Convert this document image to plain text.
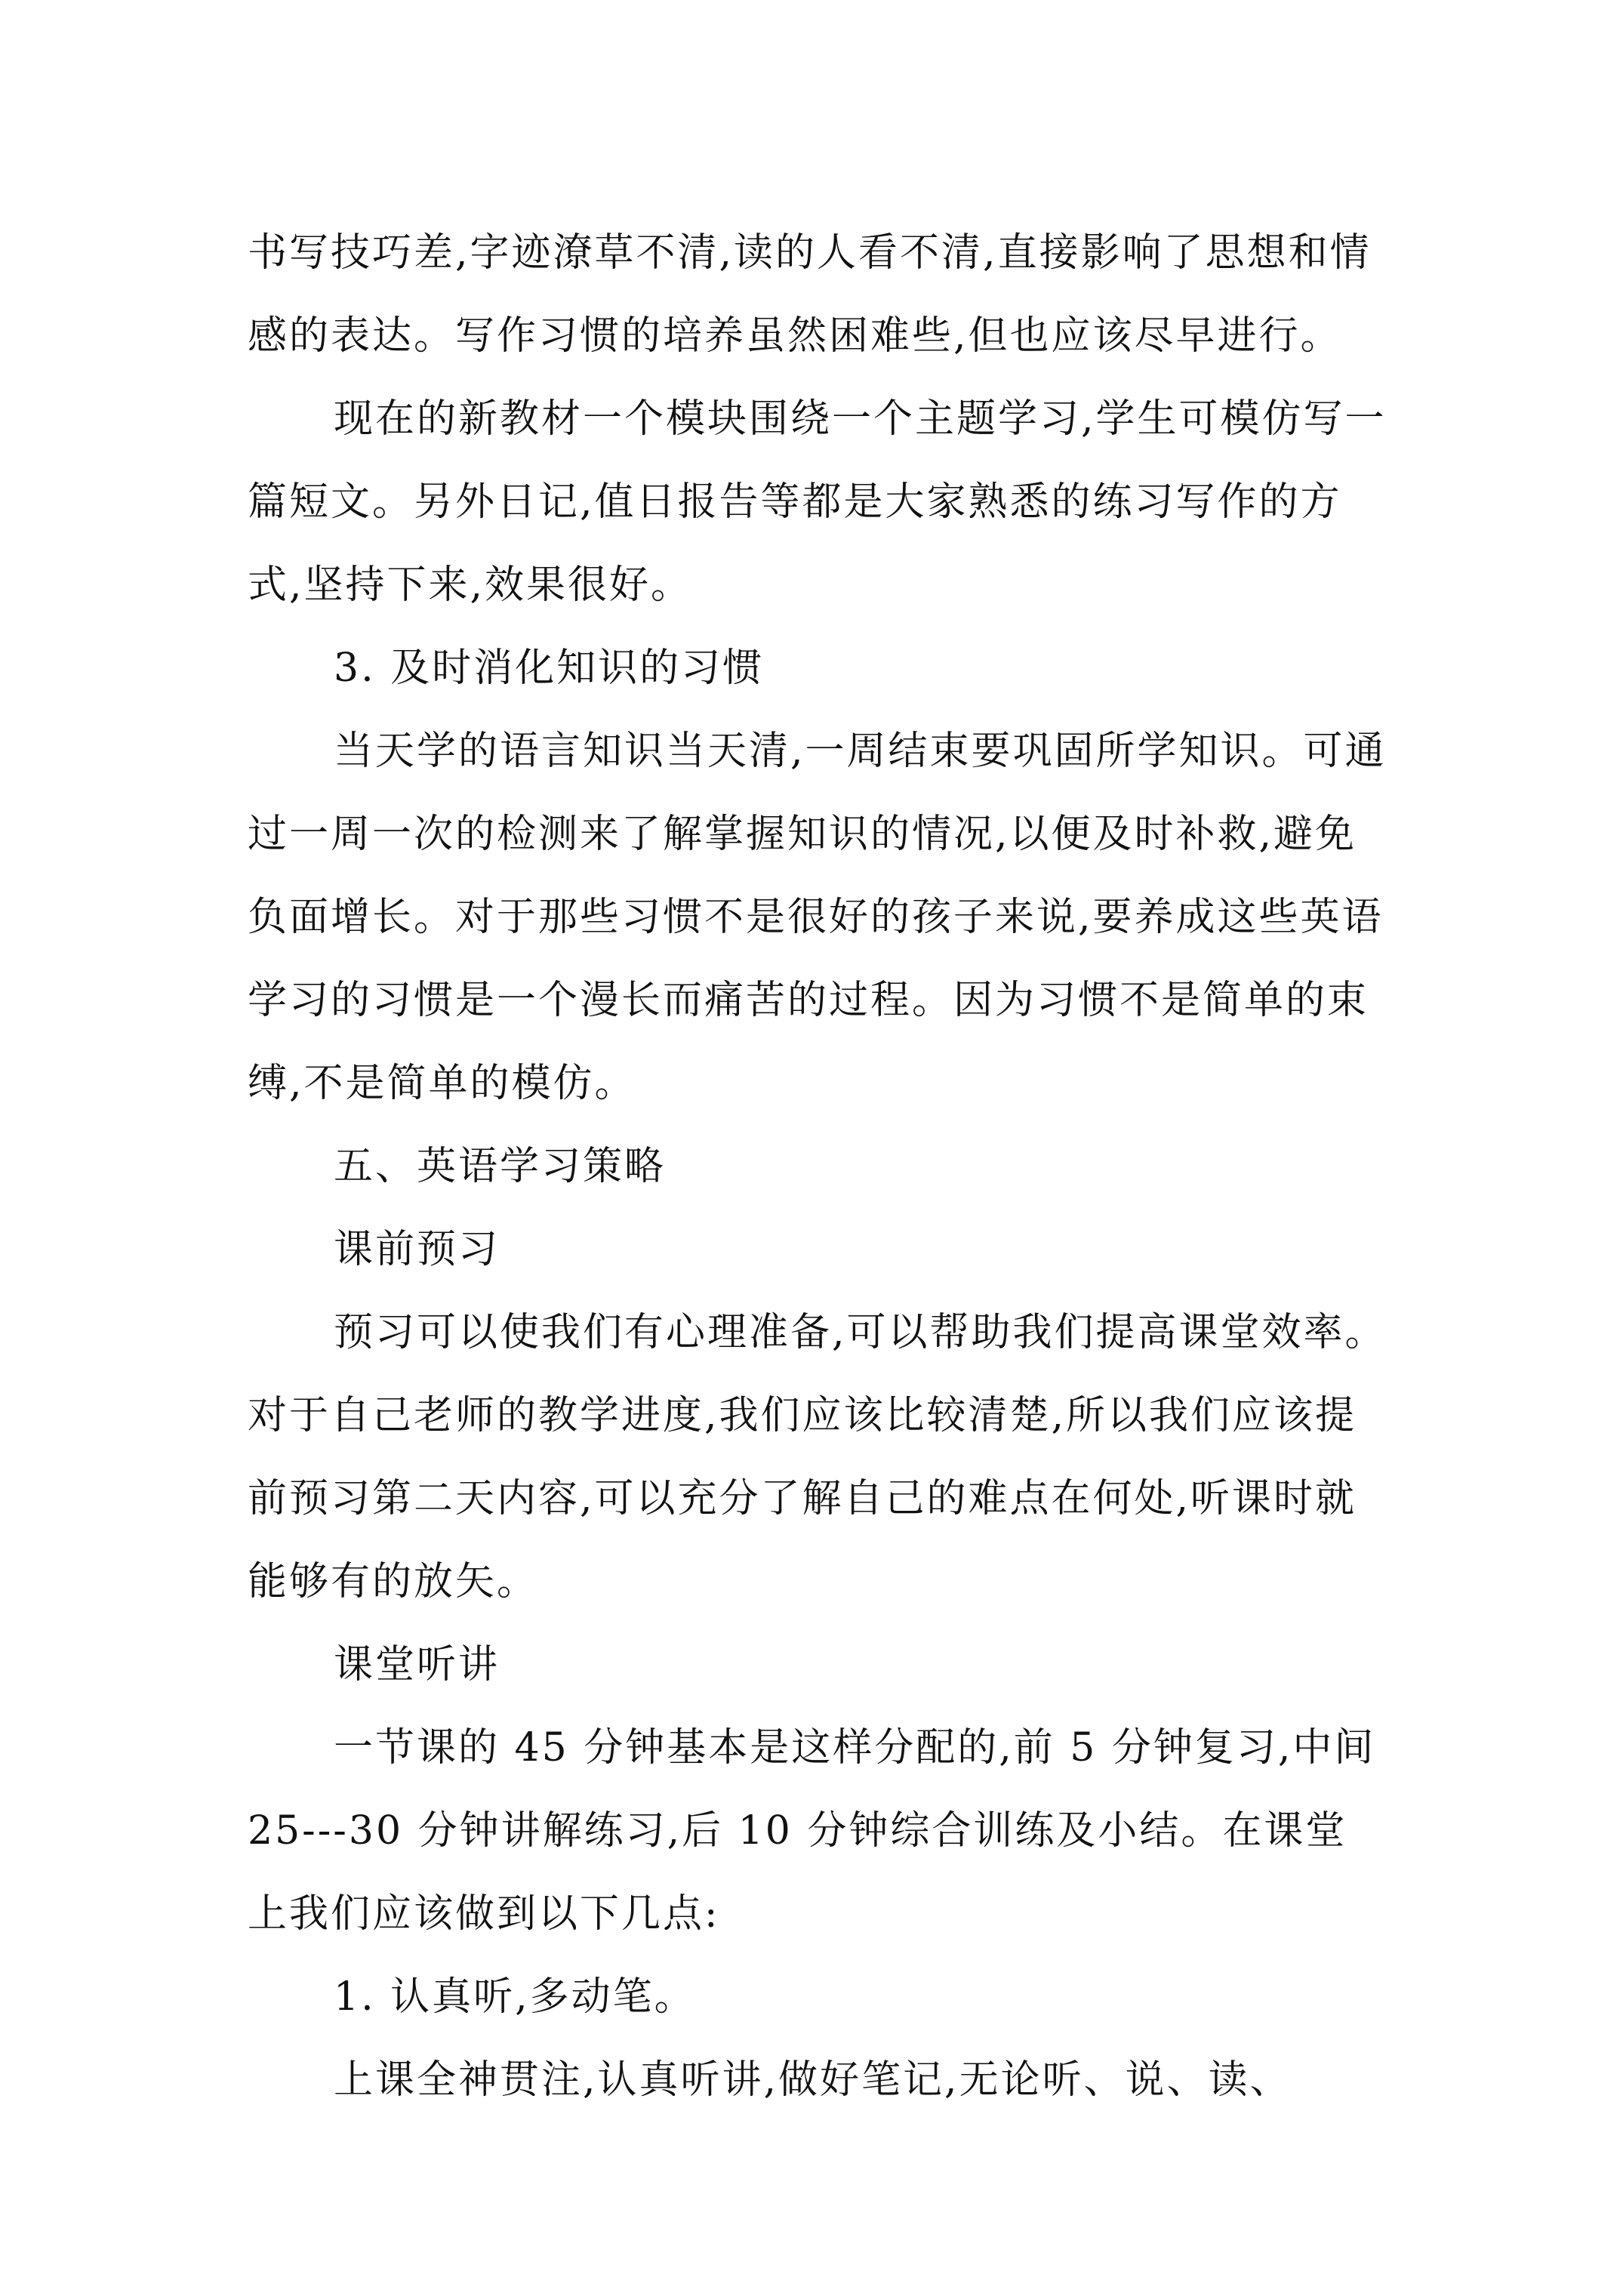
书写技巧差,字迹潦草不清,读的人看不清,直接影响了思想和情感的表达。写作习惯的培养虽然困难些,但也应该尽早进行。

现在的新教材一个模块围绕一个主题学习,学生可模仿写一篇短文。另外日记,值日报告等都是大家熟悉的练习写作的方式,坚持下来,效果很好。

3. 及时消化知识的习惯

当天学的语言知识当天清,一周结束要巩固所学知识。可通过一周一次的检测来了解掌握知识的情况,以便及时补救,避免负面增长。对于那些习惯不是很好的孩子来说,要养成这些英语学习的习惯是一个漫长而痛苦的过程。因为习惯不是简单的束缚,不是简单的模仿。

五、英语学习策略

课前预习

预习可以使我们有心理准备,可以帮助我们提高课堂效率。对于自己老师的教学进度,我们应该比较清楚,所以我们应该提前预习第二天内容,可以充分了解自己的难点在何处,听课时就能够有的放矢。

课堂听讲

一节课的 45 分钟基本是这样分配的,前 5 分钟复习,中间 25---30 分钟讲解练习,后 10 分钟综合训练及小结。在课堂上我们应该做到以下几点:

1. 认真听,多动笔。

上课全神贯注,认真听讲,做好笔记,无论听、说、读、
